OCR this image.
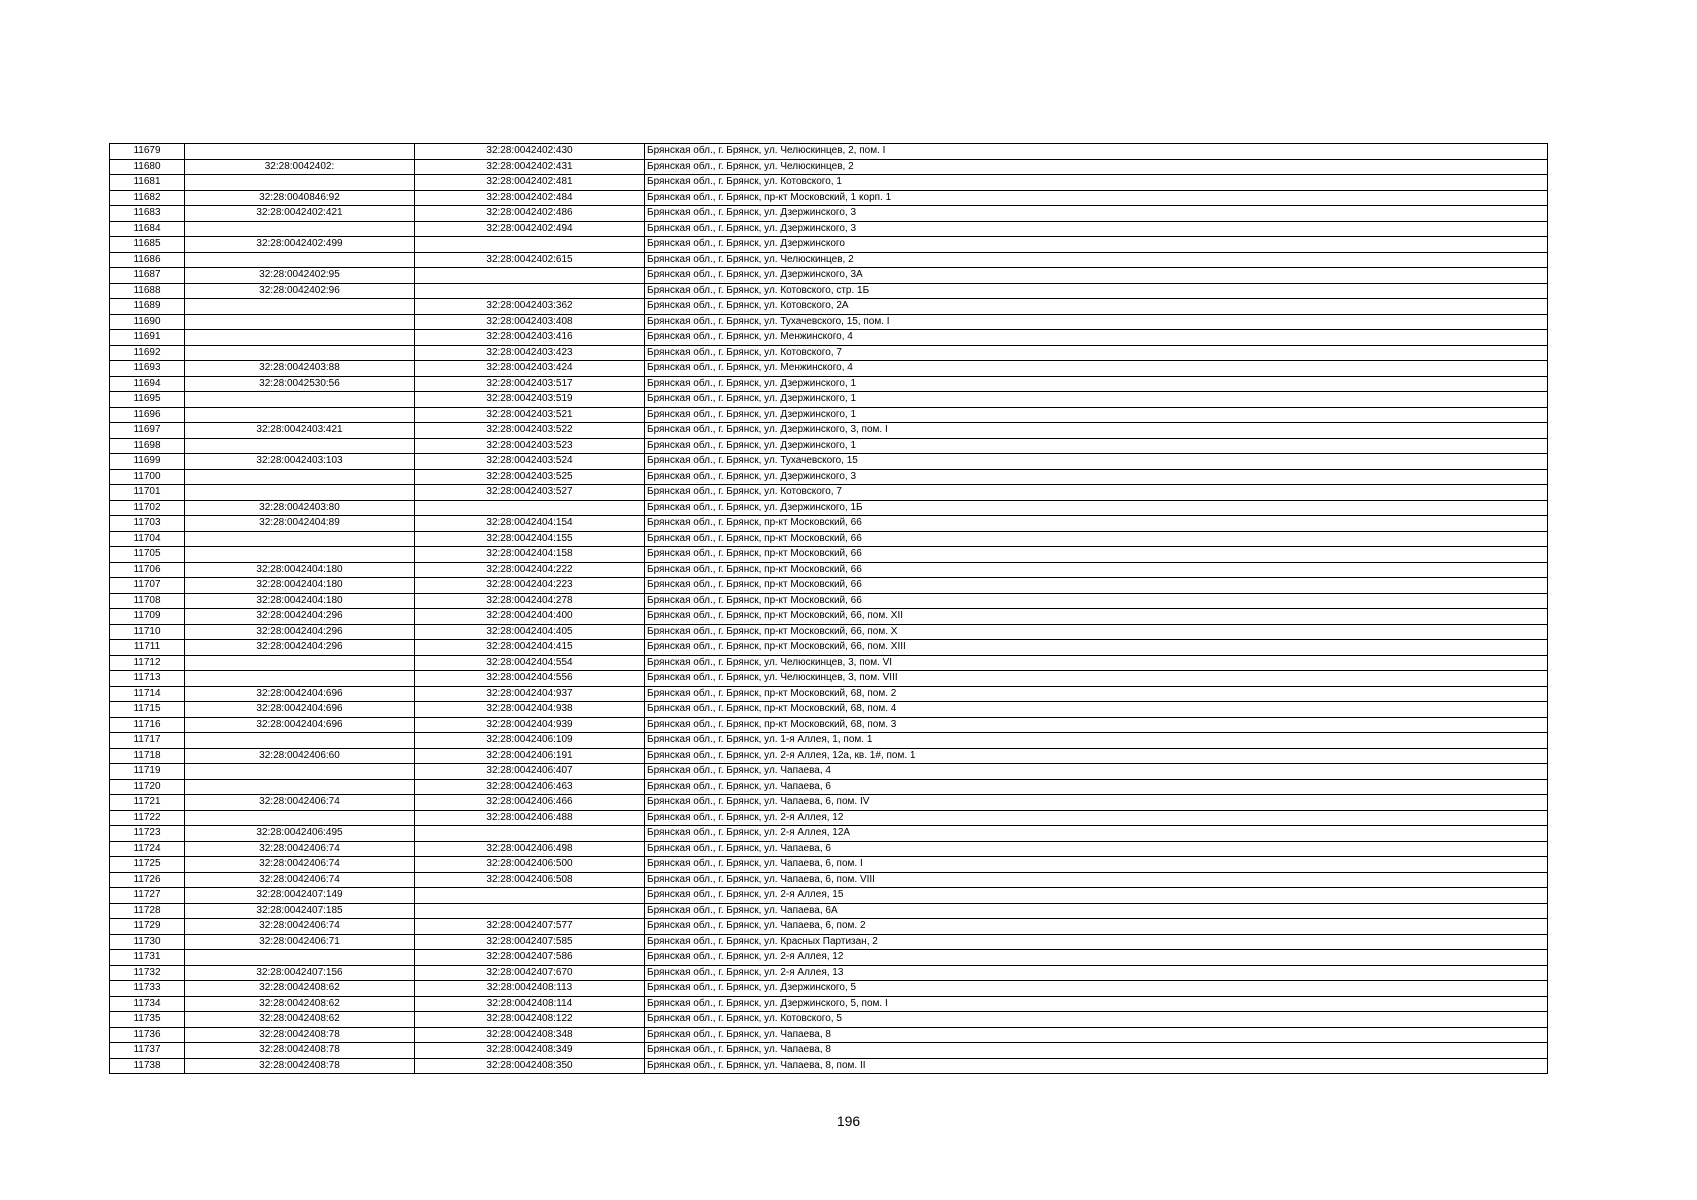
11679		32:28:0042402:430	Брянская обл., г. Брянск, ул. Челюскинцев, 2, пом. I
11680	32:28:0042402:	32:28:0042402:431	Брянская обл., г. Брянск, ул. Челюскинцев, 2
11681		32:28:0042402:481	Брянская обл., г. Брянск, ул. Котовского, 1
11682	32:28:0040846:92	32:28:0042402:484	Брянская обл., г. Брянск, пр-кт Московский, 1 корп. 1
11683	32:28:0042402:421	32:28:0042402:486	Брянская обл., г. Брянск, ул. Дзержинского, 3
11684		32:28:0042402:494	Брянская обл., г. Брянск, ул. Дзержинского, 3
11685	32:28:0042402:499		Брянская обл., г. Брянск, ул. Дзержинского
11686		32:28:0042402:615	Брянская обл., г. Брянск, ул. Челюскинцев, 2
11687	32:28:0042402:95		Брянская обл., г. Брянск, ул. Дзержинского, 3А
11688	32:28:0042402:96		Брянская обл., г. Брянск, ул. Котовского, стр. 1Б
11689		32:28:0042403:362	Брянская обл., г. Брянск, ул. Котовского, 2А
11690		32:28:0042403:408	Брянская обл., г. Брянск, ул. Тухачевского, 15, пом. I
11691		32:28:0042403:416	Брянская обл., г. Брянск, ул. Менжинского, 4
11692		32:28:0042403:423	Брянская обл., г. Брянск, ул. Котовского, 7
11693	32:28:0042403:88	32:28:0042403:424	Брянская обл., г. Брянск, ул. Менжинского, 4
11694	32:28:0042530:56	32:28:0042403:517	Брянская обл., г. Брянск, ул. Дзержинского, 1
11695		32:28:0042403:519	Брянская обл., г. Брянск, ул. Дзержинского, 1
11696		32:28:0042403:521	Брянская обл., г. Брянск, ул. Дзержинского, 1
11697	32:28:0042403:421	32:28:0042403:522	Брянская обл., г. Брянск, ул. Дзержинского, 3, пом. I
11698		32:28:0042403:523	Брянская обл., г. Брянск, ул. Дзержинского, 1
11699	32:28:0042403:103	32:28:0042403:524	Брянская обл., г. Брянск, ул. Тухачевского, 15
11700		32:28:0042403:525	Брянская обл., г. Брянск, ул. Дзержинского, 3
11701		32:28:0042403:527	Брянская обл., г. Брянск, ул. Котовского, 7
11702	32:28:0042403:80		Брянская обл., г. Брянск, ул. Дзержинского, 1Б
11703	32:28:0042404:89	32:28:0042404:154	Брянская обл., г. Брянск, пр-кт Московский, 66
11704		32:28:0042404:155	Брянская обл., г. Брянск, пр-кт Московский, 66
11705		32:28:0042404:158	Брянская обл., г. Брянск, пр-кт Московский, 66
11706	32:28:0042404:180	32:28:0042404:222	Брянская обл., г. Брянск, пр-кт Московский, 66
11707	32:28:0042404:180	32:28:0042404:223	Брянская обл., г. Брянск, пр-кт Московский, 66
11708	32:28:0042404:180	32:28:0042404:278	Брянская обл., г. Брянск, пр-кт Московский, 66
11709	32:28:0042404:296	32:28:0042404:400	Брянская обл., г. Брянск, пр-кт Московский, 66, пом. XII
11710	32:28:0042404:296	32:28:0042404:405	Брянская обл., г. Брянск, пр-кт Московский, 66, пом. X
11711	32:28:0042404:296	32:28:0042404:415	Брянская обл., г. Брянск, пр-кт Московский, 66, пом. XIII
11712		32:28:0042404:554	Брянская обл., г. Брянск, ул. Челюскинцев, 3, пом. VI
11713		32:28:0042404:556	Брянская обл., г. Брянск, ул. Челюскинцев, 3, пом. VIII
11714	32:28:0042404:696	32:28:0042404:937	Брянская обл., г. Брянск, пр-кт Московский, 68, пом. 2
11715	32:28:0042404:696	32:28:0042404:938	Брянская обл., г. Брянск, пр-кт Московский, 68, пом. 4
11716	32:28:0042404:696	32:28:0042404:939	Брянская обл., г. Брянск, пр-кт Московский, 68, пом. 3
11717		32:28:0042406:109	Брянская обл., г. Брянск, ул. 1-я Аллея, 1, пом. 1
11718	32:28:0042406:60	32:28:0042406:191	Брянская обл., г. Брянск, ул. 2-я Аллея, 12а, кв. 1#, пом. 1
11719		32:28:0042406:407	Брянская обл., г. Брянск, ул. Чапаева, 4
11720		32:28:0042406:463	Брянская обл., г. Брянск, ул. Чапаева, 6
11721	32:28:0042406:74	32:28:0042406:466	Брянская обл., г. Брянск, ул. Чапаева, 6, пом. IV
11722		32:28:0042406:488	Брянская обл., г. Брянск, ул. 2-я Аллея, 12
11723	32:28:0042406:495		Брянская обл., г. Брянск, ул. 2-я Аллея, 12А
11724	32:28:0042406:74	32:28:0042406:498	Брянская обл., г. Брянск, ул. Чапаева, 6
11725	32:28:0042406:74	32:28:0042406:500	Брянская обл., г. Брянск, ул. Чапаева, 6, пом. I
11726	32:28:0042406:74	32:28:0042406:508	Брянская обл., г. Брянск, ул. Чапаева, 6, пом. VIII
11727	32:28:0042407:149		Брянская обл., г. Брянск, ул. 2-я Аллея, 15
11728	32:28:0042407:185		Брянская обл., г. Брянск, ул. Чапаева, 6А
11729	32:28:0042406:74	32:28:0042407:577	Брянская обл., г. Брянск, ул. Чапаева, 6, пом. 2
11730	32:28:0042406:71	32:28:0042407:585	Брянская обл., г. Брянск, ул. Красных Партизан, 2
11731		32:28:0042407:586	Брянская обл., г. Брянск, ул. 2-я Аллея, 12
11732	32:28:0042407:156	32:28:0042407:670	Брянская обл., г. Брянск, ул. 2-я Аллея, 13
11733	32:28:0042408:62	32:28:0042408:113	Брянская обл., г. Брянск, ул. Дзержинского, 5
11734	32:28:0042408:62	32:28:0042408:114	Брянская обл., г. Брянск, ул. Дзержинского, 5, пом. I
11735	32:28:0042408:62	32:28:0042408:122	Брянская обл., г. Брянск, ул. Котовского, 5
11736	32:28:0042408:78	32:28:0042408:348	Брянская обл., г. Брянск, ул. Чапаева, 8
11737	32:28:0042408:78	32:28:0042408:349	Брянская обл., г. Брянск, ул. Чапаева, 8
11738	32:28:0042408:78	32:28:0042408:350	Брянская обл., г. Брянск, ул. Чапаева, 8, пом. II
196
